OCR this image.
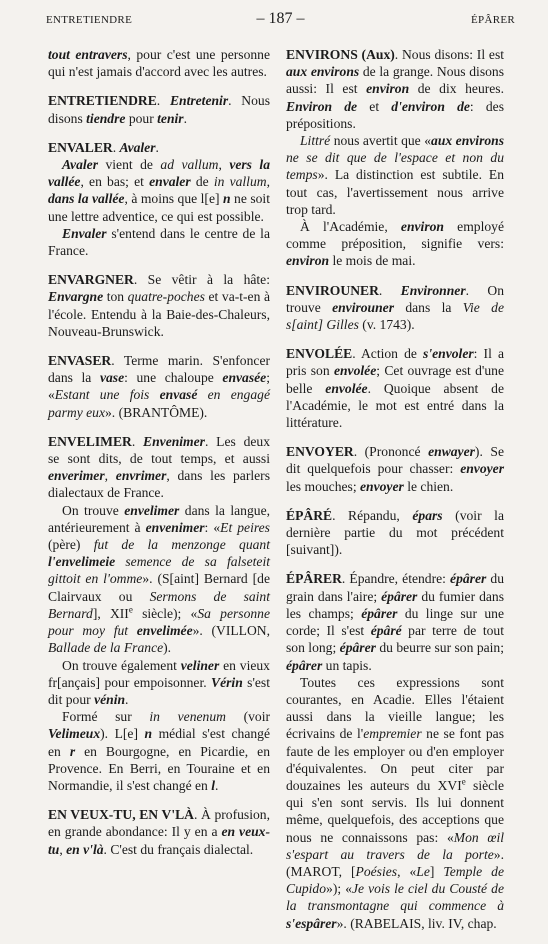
ENTRETIENDRE	– 187 –	ÉPÂRER

tout entravers, pour c'est une personne qui n'est jamais d'accord avec les autres.

ENTRETIENDRE. Entretenir. Nous disons tiendre pour tenir.

ENVALER. Avaler.

Avaler vient de ad vallum, vers la vallée, en bas; et envaler de in vallum, dans la vallée, à moins que l[e] n ne soit une lettre adventice, ce qui est possible.

Envaler s'entend dans le centre de la France.

ENVARGNER. Se vêtir à la hâte: Envargne ton quatre-poches et va-t-en à l'école. Entendu à la Baie-des-Chaleurs, Nouveau-Brunswick.

ENVASER. Terme marin. S'enfoncer dans la vase: une chaloupe envasée; «Estant une fois envasé en engagé parmy eux». (BRANTÔME).

ENVELIMER. Envenimer. Les deux se sont dits, de tout temps, et aussi enverimer, envrimer, dans les parlers dialectaux de France.

On trouve envelimer dans la langue, antérieurement à envenimer: «Et peires (père) fut de la menzonge quant l'envelimeie semence de sa falseteit gittoit en l'omme». (S[aint] Bernard [de Clairvaux ou Sermons de saint Bernard], XIIe siècle); «Sa personne pour moy fut envelimée». (VILLON, Ballade de la France).

On trouve également veliner en vieux fr[ançais] pour empoisonner. Vérin s'est dit pour vénin.

Formé sur in venenum (voir Velimeux). L[e] n médial s'est changé en r en Bourgogne, en Picardie, en Provence. En Berri, en Touraine et en Normandie, il s'est changé en l.

EN VEUX-TU, EN V'LÀ. À profusion, en grande abondance: Il y en a en veux-tu, en v'là. C'est du français dialectal.

ENVIRONS (Aux). Nous disons: Il est aux environs de la grange. Nous disons aussi: Il est environ de dix heures. Environ de et d'environ de: des prépositions.

Littré nous avertit que «aux environs ne se dit que de l'espace et non du temps». La distinction est subtile. En tout cas, l'avertissement nous arrive trop tard.

À l'Académie, environ employé comme préposition, signifie vers: environ le mois de mai.

ENVIROUNER. Environner. On trouve envirouner dans la Vie de s[aint] Gilles (v. 1743).

ENVOLÉE. Action de s'envoler: Il a pris son envolée; Cet ouvrage est d'une belle envolée. Quoique absent de l'Académie, le mot est entré dans la littérature.

ENVOYER. (Prononcé enwayer). Se dit quelquefois pour chasser: envoyer les mouches; envoyer le chien.

ÉPÂRÉ. Répandu, épars (voir la dernière partie du mot précédent [suivant]).

ÉPÂRER. Épandre, étendre: épârer du grain dans l'aire; épârer du fumier dans les champs; épârer du linge sur une corde; Il s'est épâré par terre de tout son long; épârer du beurre sur son pain; épârer un tapis.

Toutes ces expressions sont courantes, en Acadie. Elles l'étaient aussi dans la vieille langue; les écrivains de l'empremier ne se font pas faute de les employer ou d'en employer d'équivalentes. On peut citer par douzaines les auteurs du XVIe siècle qui s'en sont servis. Ils lui donnent même, quelquefois, des acceptions que nous ne connaissons pas: «Mon œil s'espart au travers de la porte». (MAROT, [Poésies, «Le] Temple de Cupido»); «Je vois le ciel du Cousté de la transmontagne qui commence à s'espârer». (RABELAIS, liv. IV, chap.
